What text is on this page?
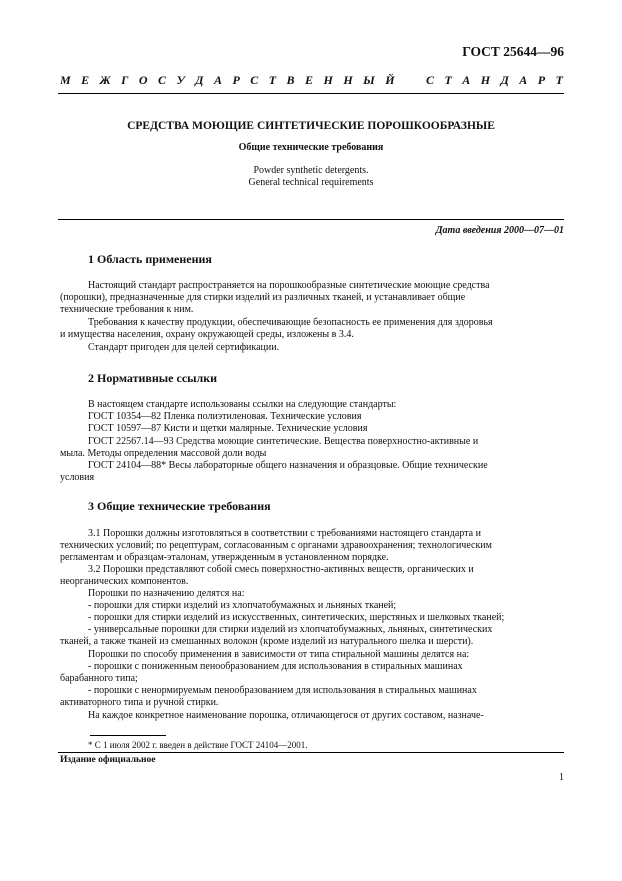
ГОСТ 25644—96
М Е Ж Г О С У Д А Р С Т В Е Н Н Ы Й	С Т А Н Д А Р Т
СРЕДСТВА МОЮЩИЕ СИНТЕТИЧЕСКИЕ ПОРОШКООБРАЗНЫЕ
Общие технические требования
Powder synthetic detergents.
General technical requirements
Дата введения 2000—07—01
1 Область применения
Настоящий стандарт распространяется на порошкообразные синтетические моющие средства
(порошки), предназначенные для стирки изделий из различных тканей, и устанавливает общие
технические требования к ним.
Требования к качеству продукции, обеспечивающие безопасность ее применения для здоровья
и имущества населения, охрану окружающей среды, изложены в 3.4.
Стандарт пригоден для целей сертификации.
2 Нормативные ссылки
В настоящем стандарте использованы ссылки на следующие стандарты:
ГОСТ 10354—82 Пленка полиэтиленовая. Технические условия
ГОСТ 10597—87 Кисти и щетки малярные. Технические условия
ГОСТ 22567.14—93 Средства моющие синтетические. Вещества поверхностно-активные и
мыла. Методы определения массовой доли воды
ГОСТ 24104—88* Весы лабораторные общего назначения и образцовые. Общие технические
условия
3 Общие технические требования
3.1 Порошки должны изготовляться в соответствии с требованиями настоящего стандарта и
технических условий; по рецептурам, согласованным с органами здравоохранения; технологическим
регламентам и образцам-эталонам, утвержденным в установленном порядке.
3.2 Порошки представляют собой смесь поверхностно-активных веществ, органических и
неорганических компонентов.
Порошки по назначению делятся на:
- порошки для стирки изделий из хлопчатобумажных и льняных тканей;
- порошки для стирки изделий из искусственных, синтетических, шерстяных и шелковых тканей;
- универсальные порошки для стирки изделий из хлопчатобумажных, льняных, синтетических
тканей, а также тканей из смешанных волокон (кроме изделий из натурального шелка и шерсти).
Порошки по способу применения в зависимости от типа стиральной машины делятся на:
- порошки с пониженным пенообразованием для использования в стиральных машинах
барабанного типа;
- порошки с ненормируемым пенообразованием для использования в стиральных машинах
активаторного типа и ручной стирки.
На каждое конкретное наименование порошка, отличающегося от других составом, назначе-
* С 1 июля 2002 г. введен в действие ГОСТ 24104—2001.
Издание официальное
1
